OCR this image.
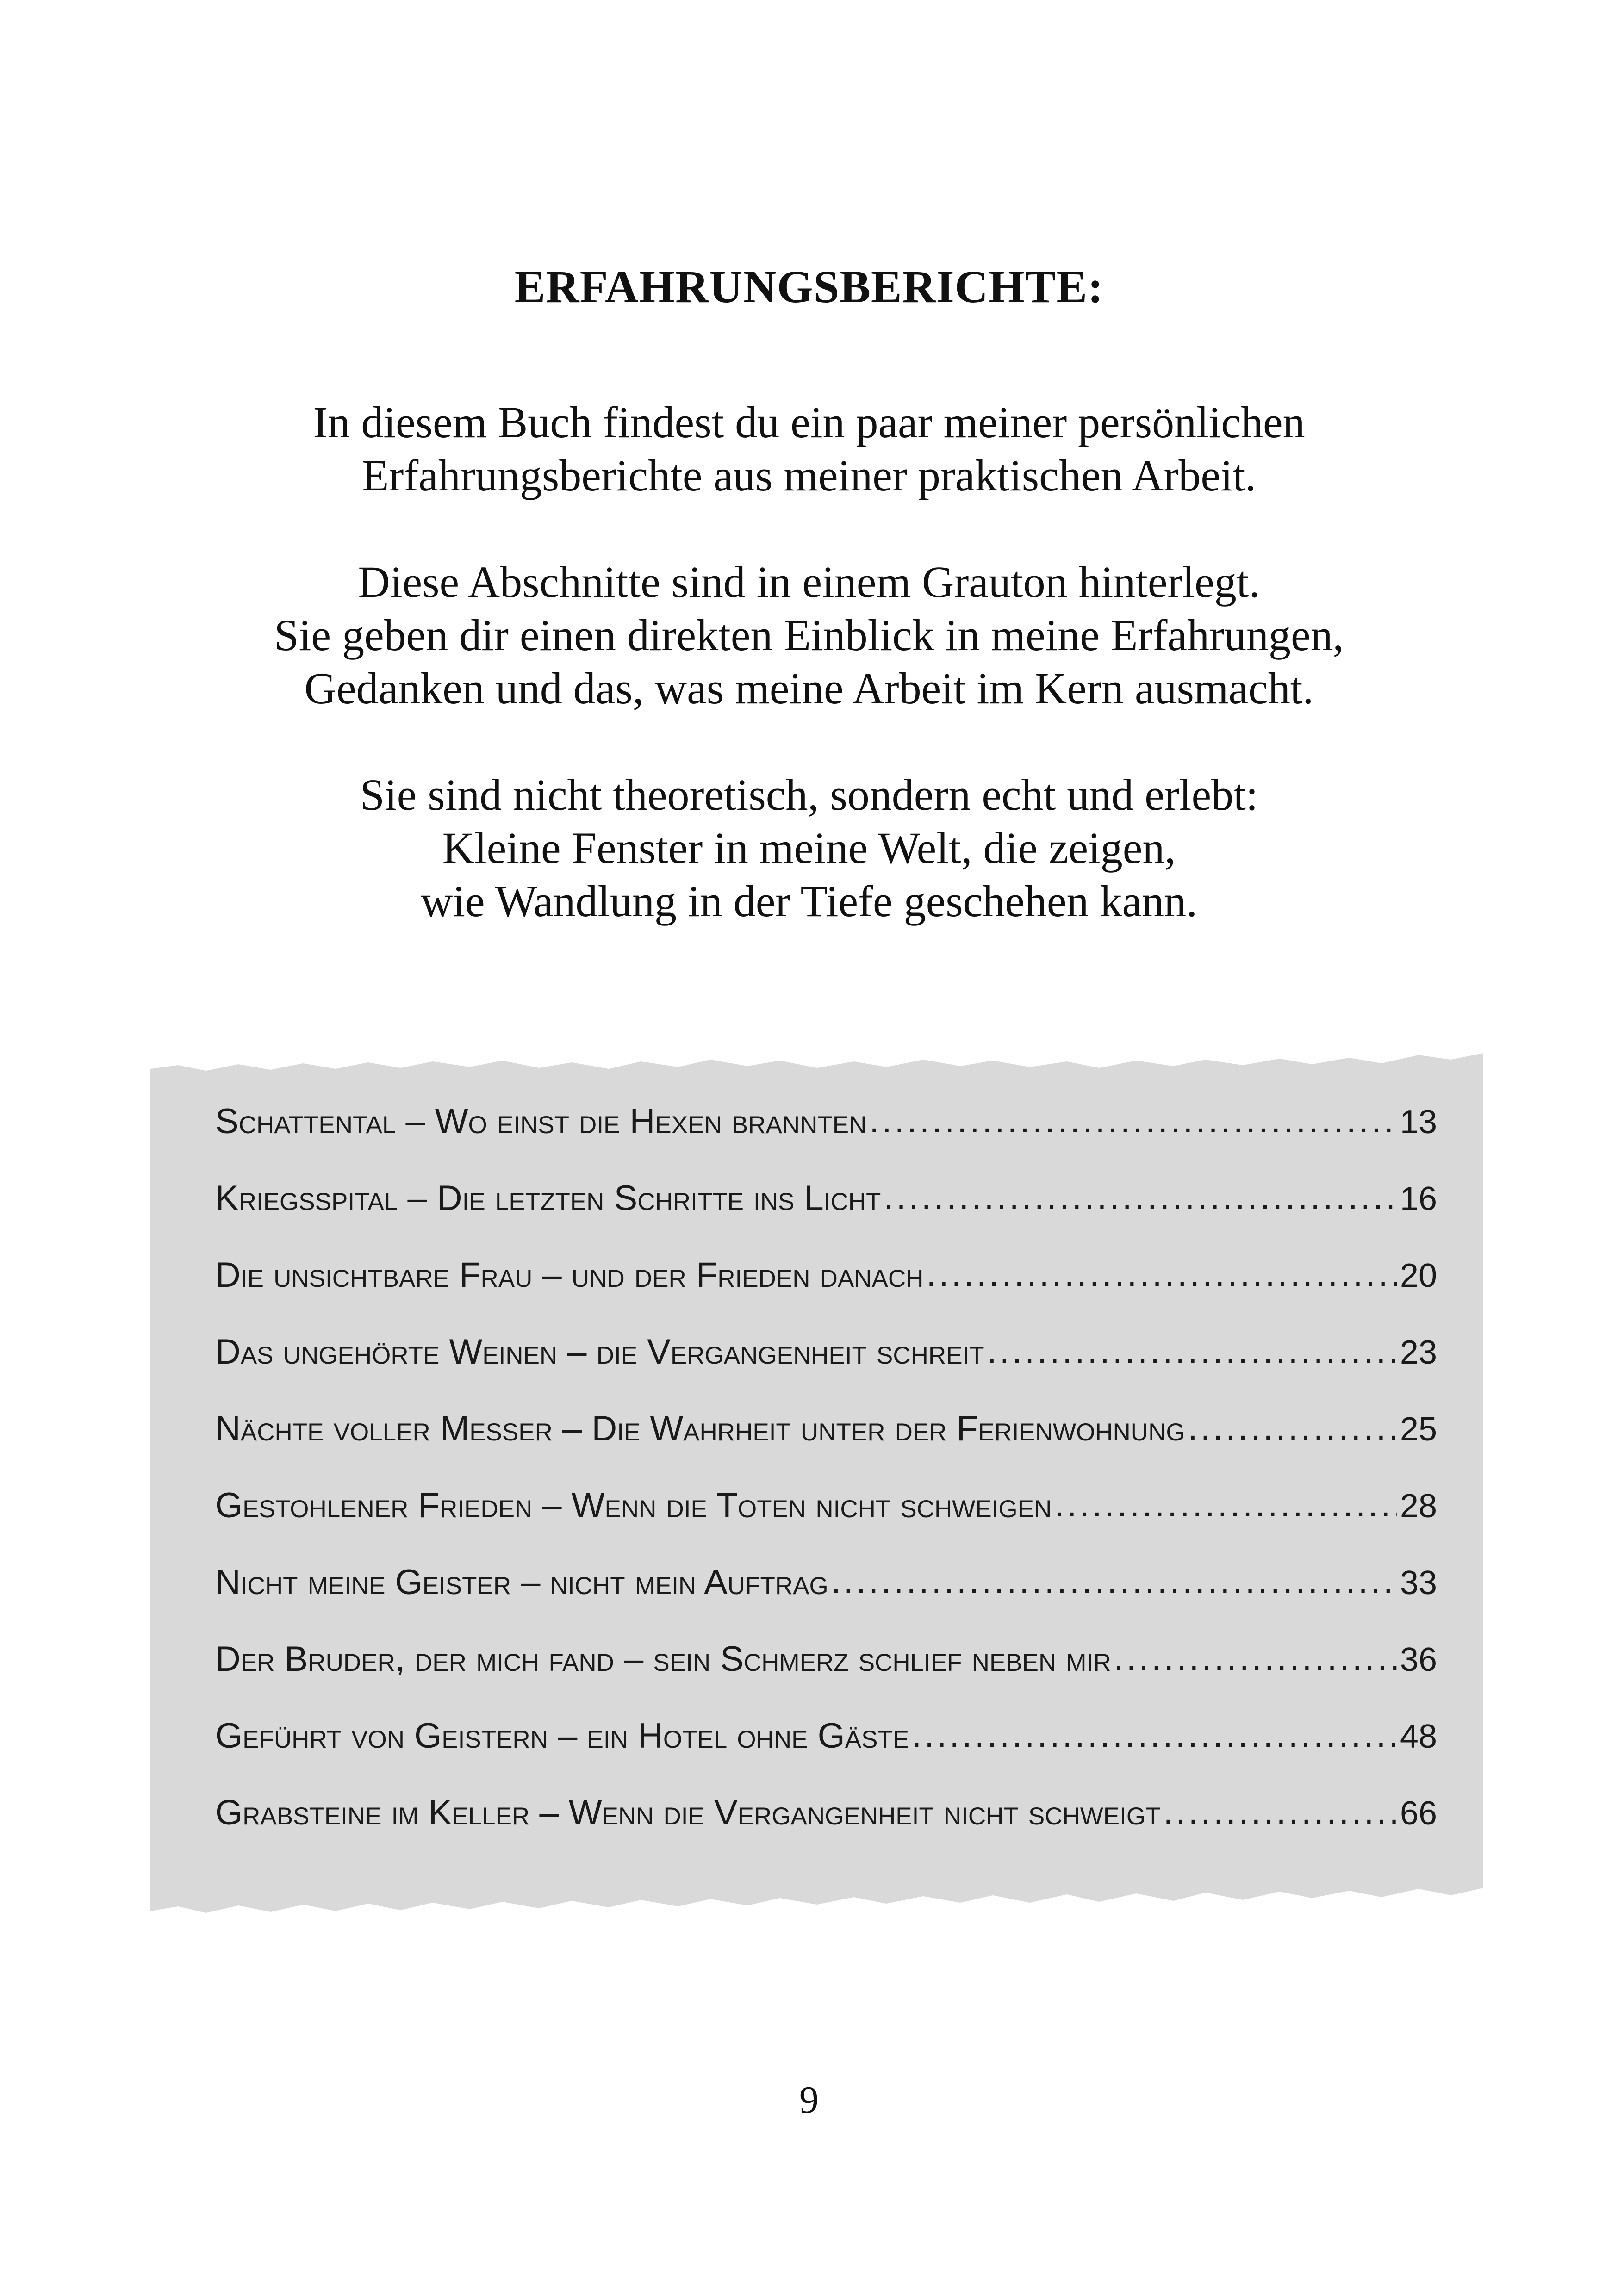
ERFAHRUNGSBERICHTE:
In diesem Buch findest du ein paar meiner persönlichen
Erfahrungsberichte aus meiner praktischen Arbeit.
Diese Abschnitte sind in einem Grauton hinterlegt.
Sie geben dir einen direkten Einblick in meine Erfahrungen,
Gedanken und das, was meine Arbeit im Kern ausmacht.
Sie sind nicht theoretisch, sondern echt und erlebt:
Kleine Fenster in meine Welt, die zeigen,
wie Wandlung in der Tiefe geschehen kann.
Schattental – Wo einst die Hexen brannten .....	13
Kriegsspital – Die letzten Schritte ins Licht .....	16
Die unsichtbare Frau – und der Frieden danach .....	20
Das ungehörte Weinen – die Vergangenheit schreit .....	23
Nächte voller Messer – Die Wahrheit unter der Ferienwohnung .....	25
Gestohlener Frieden – Wenn die Toten nicht schweigen .....	28
Nicht meine Geister – nicht mein Auftrag .....	33
Der Bruder, der mich fand – sein Schmerz schlief neben mir .....	36
Geführt von Geistern – ein Hotel ohne Gäste .....	48
Grabsteine im Keller – Wenn die Vergangenheit nicht schweigt .....	66
9
